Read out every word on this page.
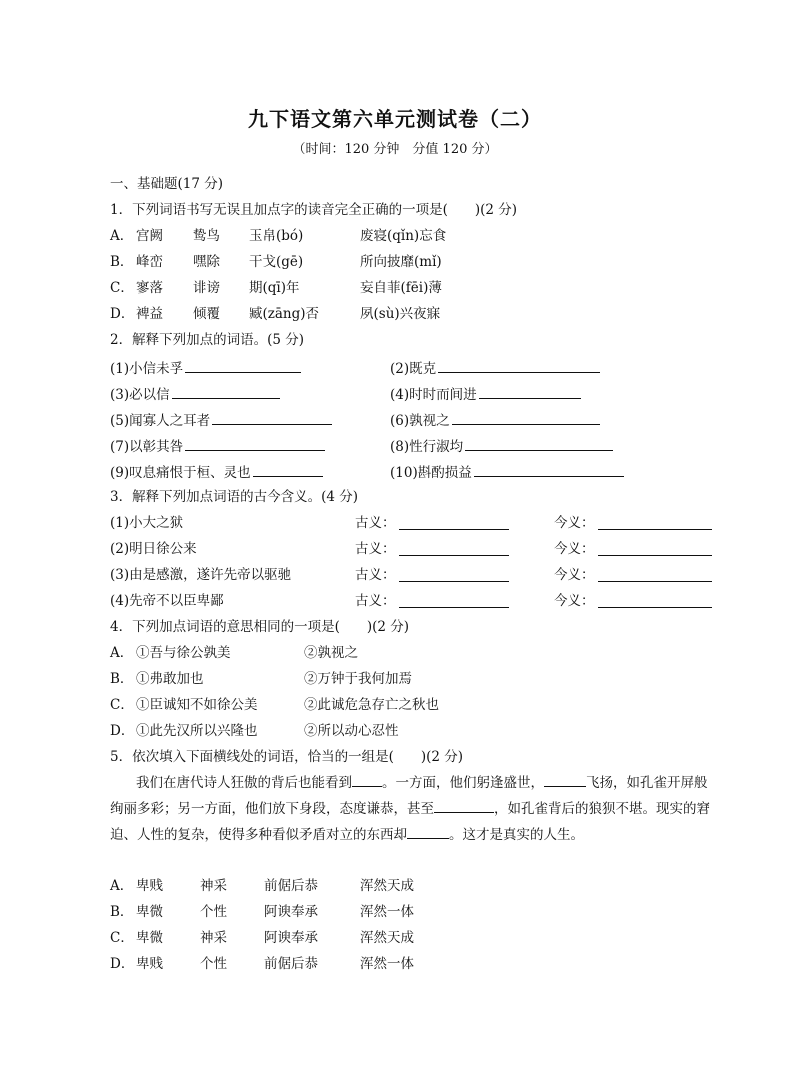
九下语文第六单元测试卷（二）
（时间：120 分钟　分值 120 分）
一、基础题(17 分)
1．下列词语书写无误且加点字的读音完全正确的一项是(　　)(2 分)
A． 宫阙 鸷鸟 玉帛(bó)	废寝(qǐn)忘食
B． 峰峦 嘿除 干戈(gē)	所向披靡(mǐ)
C． 寥落 诽谤 期(qī)年	妄自菲(fēi)薄
D． 裨益 倾覆 臧(zāng)否	夙(sù)兴夜寐
2．解释下列加点的词语。(5 分)
(1)小信未孚	(2)既克
(3)必以信	(4)时时而间进
(5)闻寡人之耳者	(6)孰视之
(7)以彰其咎	(8)性行淑均
(9)叹息痛恨于桓、灵也	(10)斟酌损益
3．解释下列加点词语的古今含义。(4 分)
(1)小大之狱	古义：	今义：
(2)明日徐公来	古义：	今义：
(3)由是感激，遂许先帝以驱驰	古义：	今义：
(4)先帝不以臣卑鄙	古义：	今义：
4．下列加点词语的意思相同的一项是(　　)(2 分)
A． ①吾与徐公孰美	②孰视之
B． ①弗敢加也	②万钟于我何加焉
C． ①臣诚知不如徐公美	②此诚危急存亡之秋也
D． ①此先汉所以兴隆也	②所以动心忍性
5．依次填入下面横线处的词语，恰当的一组是(　　)(2 分)
我们在唐代诗人狂傲的背后也能看到 。一方面，他们躬逢盛世，	飞扬，如孔雀开屏般绚丽多彩；另一方面，他们放下身段，态度谦恭，甚至	，如孔雀背后的狼狈不堪。现实的窘迫、人性的复杂，使得多种看似矛盾对立的东西却	。这才是真实的人生。
A． 卑贱	神采	前倨后恭	浑然天成
B． 卑微	个性	阿谀奉承	浑然一体
C． 卑微	神采	阿谀奉承	浑然天成
D． 卑贱	个性	前倨后恭	浑然一体
